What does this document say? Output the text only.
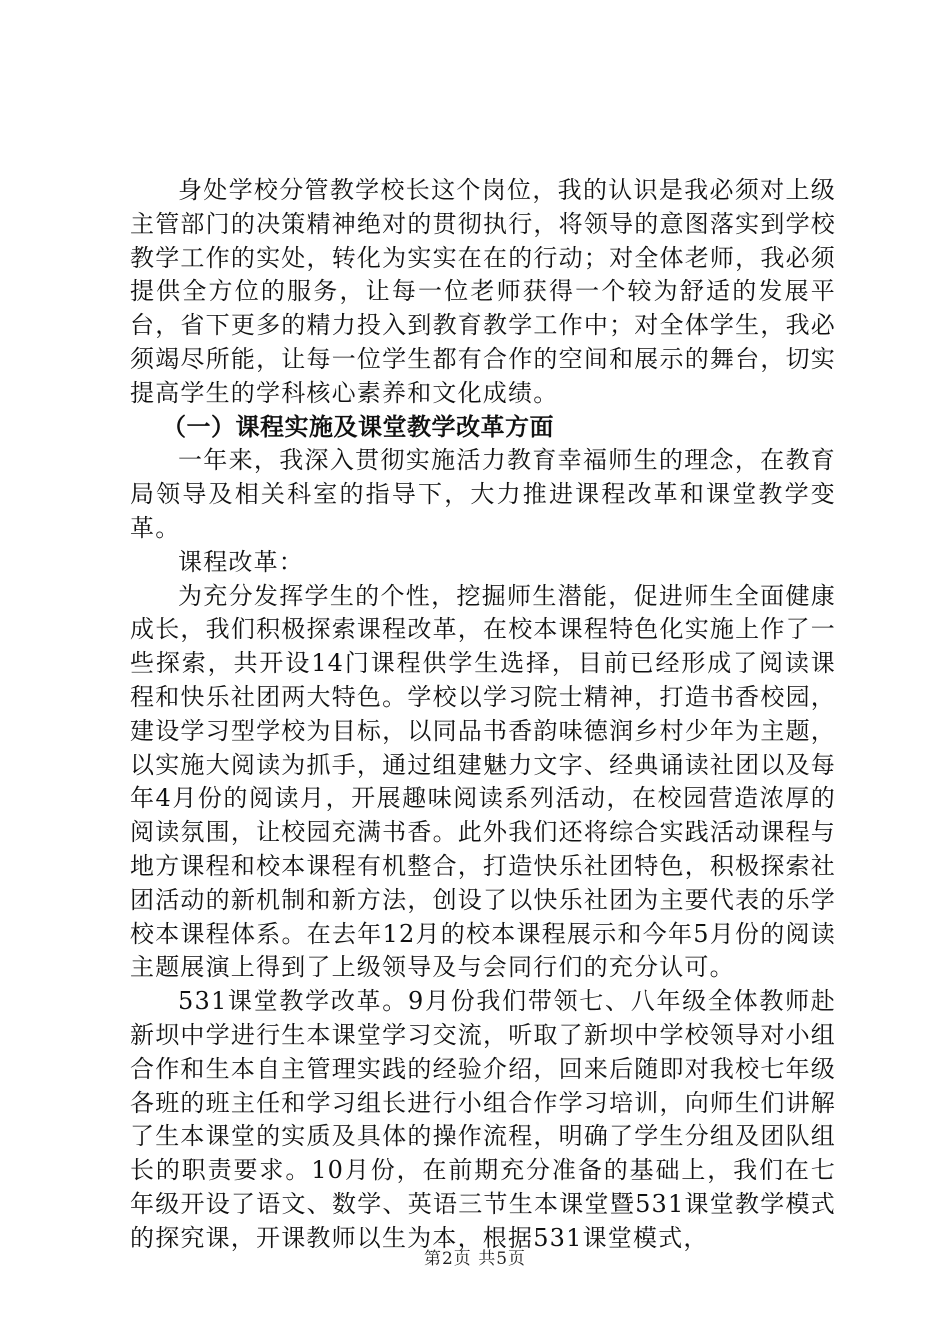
身处学校分管教学校长这个岗位，我的认识是我必须对上级主管部门的决策精神绝对的贯彻执行，将领导的意图落实到学校教学工作的实处，转化为实实在在的行动；对全体老师，我必须提供全方位的服务，让每一位老师获得一个较为舒适的发展平台，省下更多的精力投入到教育教学工作中；对全体学生，我必须竭尽所能，让每一位学生都有合作的空间和展示的舞台，切实提高学生的学科核心素养和文化成绩。

（一）课程实施及课堂教学改革方面

一年来，我深入贯彻实施活力教育幸福师生的理念，在教育局领导及相关科室的指导下，大力推进课程改革和课堂教学变革。

课程改革：

为充分发挥学生的个性，挖掘师生潜能，促进师生全面健康成长，我们积极探索课程改革，在校本课程特色化实施上作了一些探索，共开设14门课程供学生选择，目前已经形成了阅读课程和快乐社团两大特色。学校以学习院士精神，打造书香校园，建设学习型学校为目标，以同品书香韵味德润乡村少年为主题，以实施大阅读为抓手，通过组建魅力文字、经典诵读社团以及每年4月份的阅读月，开展趣味阅读系列活动，在校园营造浓厚的阅读氛围，让校园充满书香。此外我们还将综合实践活动课程与地方课程和校本课程有机整合，打造快乐社团特色，积极探索社团活动的新机制和新方法，创设了以快乐社团为主要代表的乐学校本课程体系。在去年12月的校本课程展示和今年5月份的阅读主题展演上得到了上级领导及与会同行们的充分认可。

531课堂教学改革。9月份我们带领七、八年级全体教师赴新坝中学进行生本课堂学习交流，听取了新坝中学校领导对小组合作和生本自主管理实践的经验介绍，回来后随即对我校七年级各班的班主任和学习组长进行小组合作学习培训，向师生们讲解了生本课堂的实质及具体的操作流程，明确了学生分组及团队组长的职责要求。10月份，在前期充分准备的基础上，我们在七年级开设了语文、数学、英语三节生本课堂暨531课堂教学模式的探究课，开课教师以生为本，根据531课堂模式，

第2页 共5页
